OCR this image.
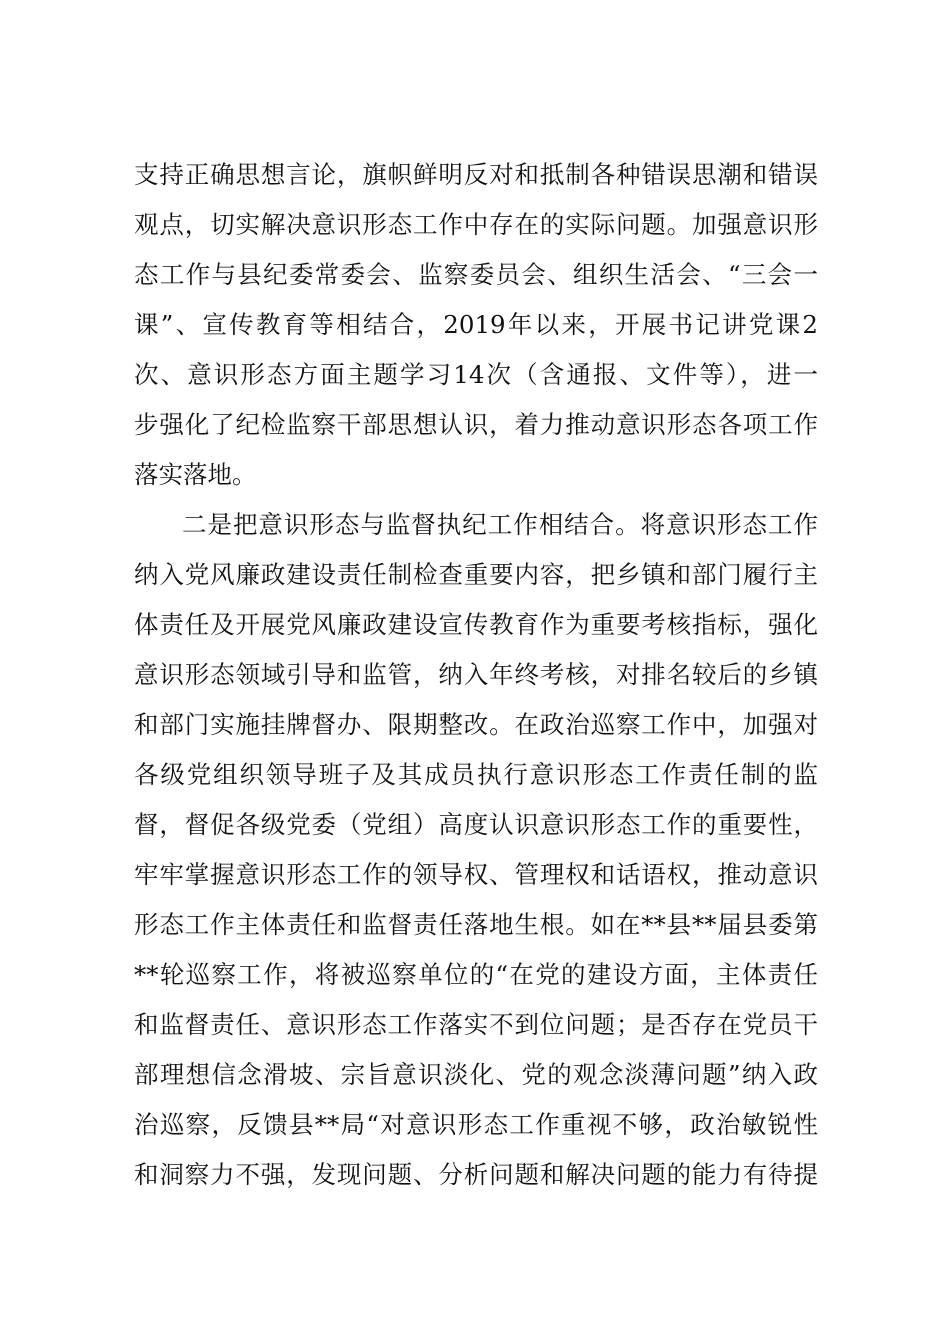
支持正确思想言论，旗帜鲜明反对和抵制各种错误思潮和错误
观点，切实解决意识形态工作中存在的实际问题。加强意识形
态工作与县纪委常委会、监察委员会、组织生活会、“三会一
课”、宣传教育等相结合，2019年以来，开展书记讲党课2
次、意识形态方面主题学习14次（含通报、文件等），进一
步强化了纪检监察干部思想认识，着力推动意识形态各项工作
落实落地。
二是把意识形态与监督执纪工作相结合。将意识形态工作
纳入党风廉政建设责任制检查重要内容，把乡镇和部门履行主
体责任及开展党风廉政建设宣传教育作为重要考核指标，强化
意识形态领域引导和监管，纳入年终考核，对排名较后的乡镇
和部门实施挂牌督办、限期整改。在政治巡察工作中，加强对
各级党组织领导班子及其成员执行意识形态工作责任制的监
督，督促各级党委（党组）高度认识意识形态工作的重要性，
牢牢掌握意识形态工作的领导权、管理权和话语权，推动意识
形态工作主体责任和监督责任落地生根。如在**县**届县委第
**轮巡察工作，将被巡察单位的“在党的建设方面，主体责任
和监督责任、意识形态工作落实不到位问题；是否存在党员干
部理想信念滑坡、宗旨意识淡化、党的观念淡薄问题”纳入政
治巡察，反馈县**局“对意识形态工作重视不够，政治敏锐性
和洞察力不强，发现问题、分析问题和解决问题的能力有待提
